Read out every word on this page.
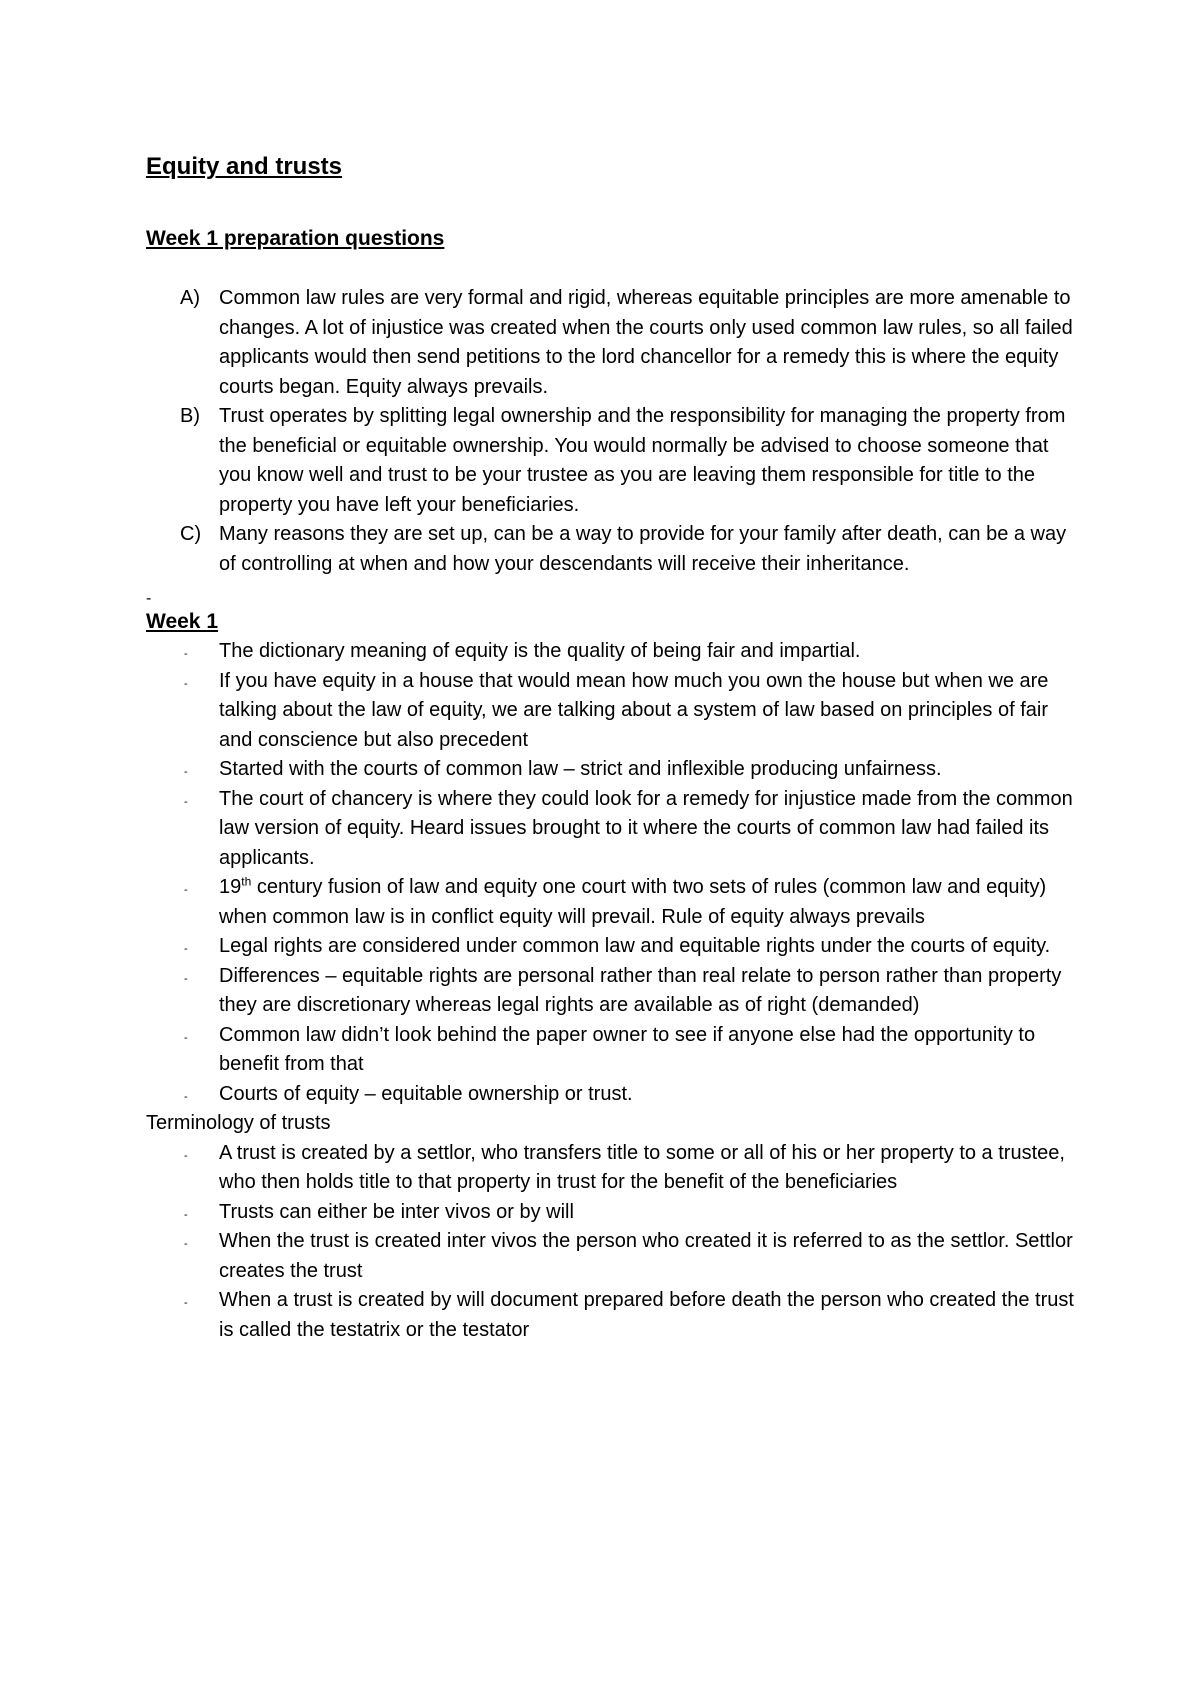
Equity and trusts
Week 1 preparation questions
A) Common law rules are very formal and rigid, whereas equitable principles are more amenable to changes. A lot of injustice was created when the courts only used common law rules, so all failed applicants would then send petitions to the lord chancellor for a remedy this is where the equity courts began. Equity always prevails.
B) Trust operates by splitting legal ownership and the responsibility for managing the property from the beneficial or equitable ownership. You would normally be advised to choose someone that you know well and trust to be your trustee as you are leaving them responsible for title to the property you have left your beneficiaries.
C) Many reasons they are set up, can be a way to provide for your family after death, can be a way of controlling at when and how your descendants will receive their inheritance.
-
Week 1
- The dictionary meaning of equity is the quality of being fair and impartial.
- If you have equity in a house that would mean how much you own the house but when we are talking about the law of equity, we are talking about a system of law based on principles of fair and conscience but also precedent
- Started with the courts of common law – strict and inflexible producing unfairness.
- The court of chancery is where they could look for a remedy for injustice made from the common law version of equity. Heard issues brought to it where the courts of common law had failed its applicants.
- 19th century fusion of law and equity one court with two sets of rules (common law and equity) when common law is in conflict equity will prevail. Rule of equity always prevails
- Legal rights are considered under common law and equitable rights under the courts of equity.
- Differences – equitable rights are personal rather than real relate to person rather than property they are discretionary whereas legal rights are available as of right (demanded)
- Common law didn’t look behind the paper owner to see if anyone else had the opportunity to benefit from that
- Courts of equity – equitable ownership or trust.

Terminology of trusts

- A trust is created by a settlor, who transfers title to some or all of his or her property to a trustee, who then holds title to that property in trust for the benefit of the beneficiaries
- Trusts can either be inter vivos or by will
- When the trust is created inter vivos the person who created it is referred to as the settlor. Settlor creates the trust
- When a trust is created by will document prepared before death the person who created the trust is called the testatrix or the testator
